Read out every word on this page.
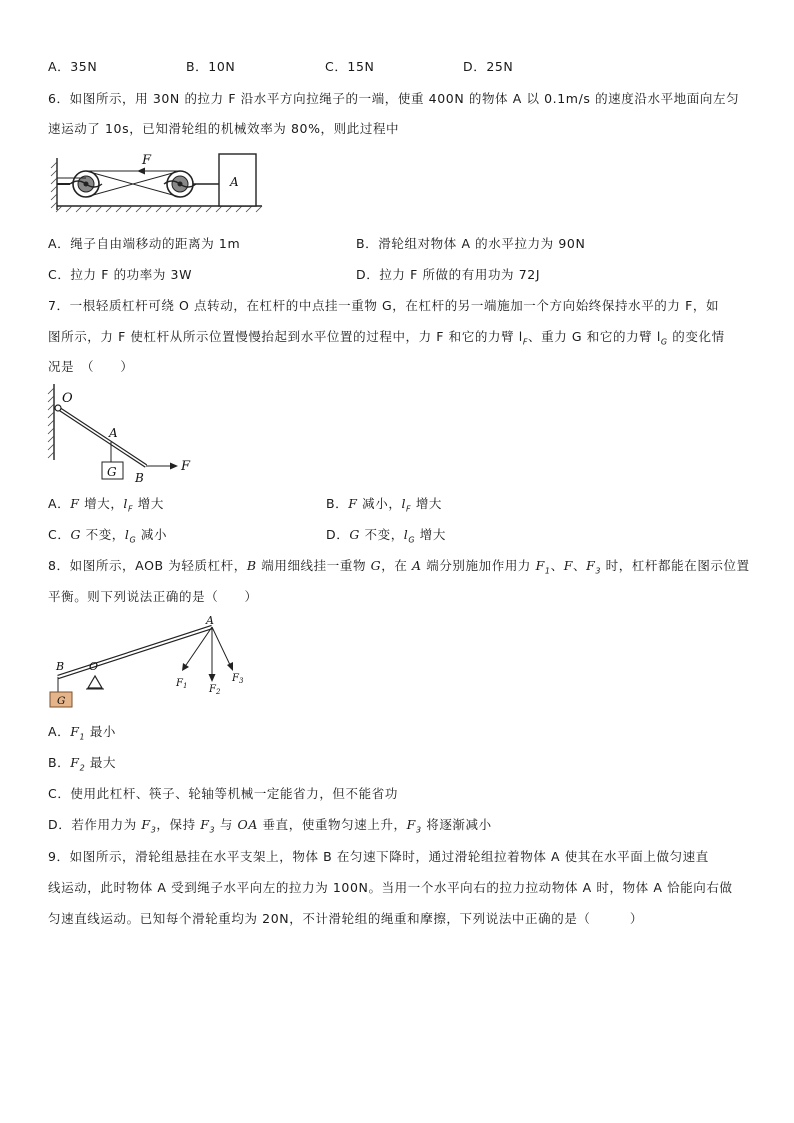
A．35N	B．10N	C．15N	D．25N
6．如图所示，用 30N 的拉力 F 沿水平方向拉绳子的一端，使重 400N 的物体 A 以 0.1m/s 的速度沿水平地面向左匀
速运动了 10s，已知滑轮组的机械效率为 80%，则此过程中
F
A
A．绳子自由端移动的距离为 1m	B．滑轮组对物体 A 的水平拉力为 90N
C．拉力 F 的功率为 3W	D．拉力 F 所做的有用功为 72J
7．一根轻质杠杆可绕 O 点转动，在杠杆的中点挂一重物 G，在杠杆的另一端施加一个方向始终保持水平的力 F，如
图所示，力 F 使杠杆从所示位置慢慢抬起到水平位置的过程中，力 F 和它的力臂 $l_F$、重力 G 和它的力臂 $l_G$ 的变化情
况是　（　　）
O
A
G B
F
A．F 增大，$l_F$ 增大	B．F 减小，$l_F$ 增大
C．G 不变，$l_G$ 减小	D．G 不变，$l_G$ 增大
8．如图所示，AOB 为轻质杠杆，B 端用细线挂一重物 G，在 A 端分别施加作用力 $F_1$、F、$F_3$ 时，杠杆都能在图示位置
平衡。则下列说法正确的是（　　）
A
B O
G
$F_1$ $F_2$
$F_3$
A．$F_1$ 最小
B．$F_2$ 最大
C．使用此杠杆、筷子、轮轴等机械一定能省力，但不能省功
D．若作用力为 $F_3$，保持 $F_3$ 与 OA 垂直，使重物匀速上升，$F_3$ 将逐渐减小
9．如图所示，滑轮组悬挂在水平支架上，物体 B 在匀速下降时，通过滑轮组拉着物体 A 使其在水平面上做匀速直
线运动，此时物体 A 受到绳子水平向左的拉力为 100N。当用一个水平向右的拉力拉动物体 A 时，物体 A 恰能向右做
匀速直线运动。已知每个滑轮重均为 20N，不计滑轮组的绳重和摩擦，下列说法中正确的是（　　　）
